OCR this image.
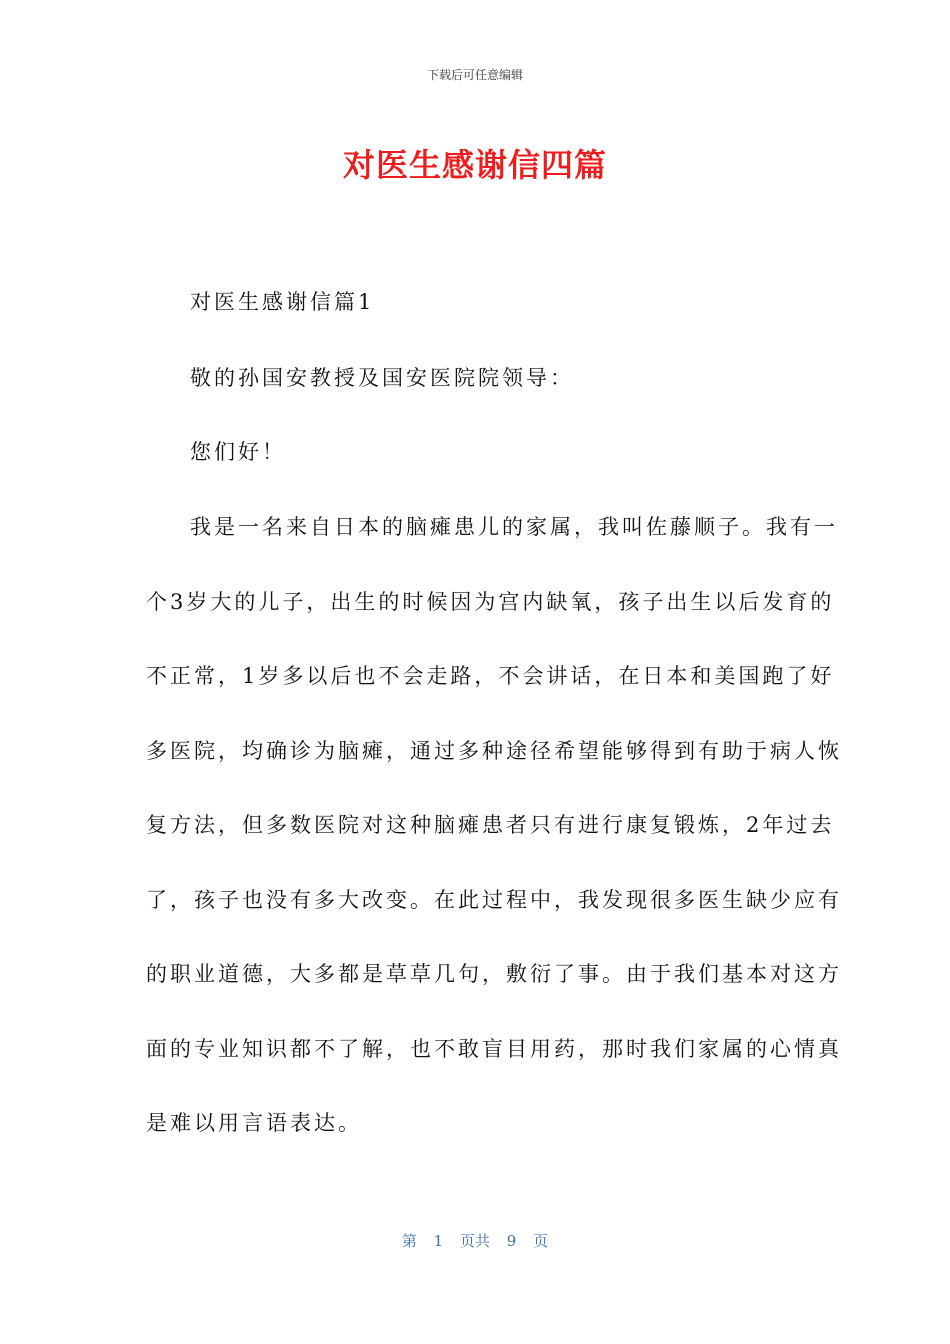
下载后可任意编辑
对医生感谢信四篇
对医生感谢信篇1
敬的孙国安教授及国安医院院领导：
您们好！
我是一名来自日本的脑瘫患儿的家属，我叫佐藤顺子。我有一
个3岁大的儿子，出生的时候因为宫内缺氧，孩子出生以后发育的
不正常，1岁多以后也不会走路，不会讲话，在日本和美国跑了好
多医院，均确诊为脑瘫，通过多种途径希望能够得到有助于病人恢
复方法，但多数医院对这种脑瘫患者只有进行康复锻炼，2年过去
了，孩子也没有多大改变。在此过程中，我发现很多医生缺少应有
的职业道德，大多都是草草几句，敷衍了事。由于我们基本对这方
面的专业知识都不了解，也不敢盲目用药，那时我们家属的心情真
是难以用言语表达。
第 1 页共 9 页
